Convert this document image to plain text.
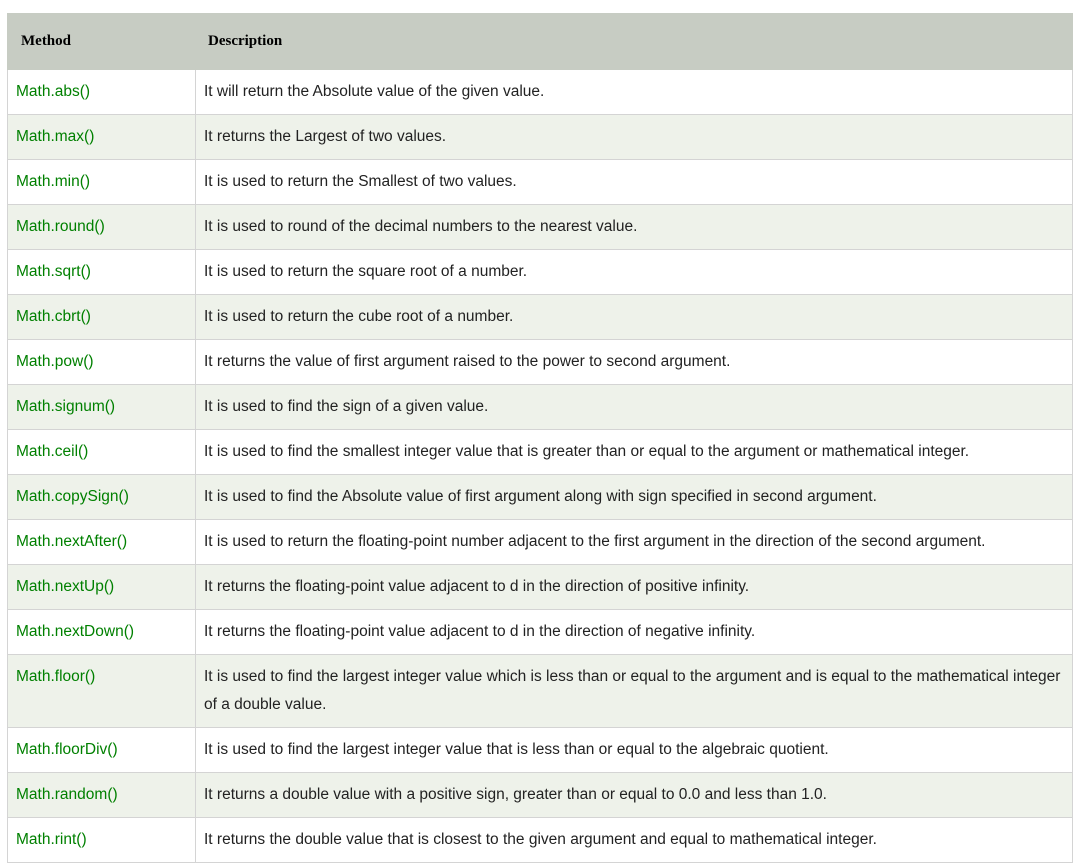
Method	Description
Math.abs()	It will return the Absolute value of the given value.
Math.max()	It returns the Largest of two values.
Math.min()	It is used to return the Smallest of two values.
Math.round()	It is used to round of the decimal numbers to the nearest value.
Math.sqrt()	It is used to return the square root of a number.
Math.cbrt()	It is used to return the cube root of a number.
Math.pow()	It returns the value of first argument raised to the power to second argument.
Math.signum()	It is used to find the sign of a given value.
Math.ceil()	It is used to find the smallest integer value that is greater than or equal to the argument or mathematical integer.
Math.copySign()	It is used to find the Absolute value of first argument along with sign specified in second argument.
Math.nextAfter()	It is used to return the floating-point number adjacent to the first argument in the direction of the second argument.
Math.nextUp()	It returns the floating-point value adjacent to d in the direction of positive infinity.
Math.nextDown()	It returns the floating-point value adjacent to d in the direction of negative infinity.
Math.floor()	It is used to find the largest integer value which is less than or equal to the argument and is equal to the mathematical integer of a double value.
Math.floorDiv()	It is used to find the largest integer value that is less than or equal to the algebraic quotient.
Math.random()	It returns a double value with a positive sign, greater than or equal to 0.0 and less than 1.0.
Math.rint()	It returns the double value that is closest to the given argument and equal to mathematical integer.
